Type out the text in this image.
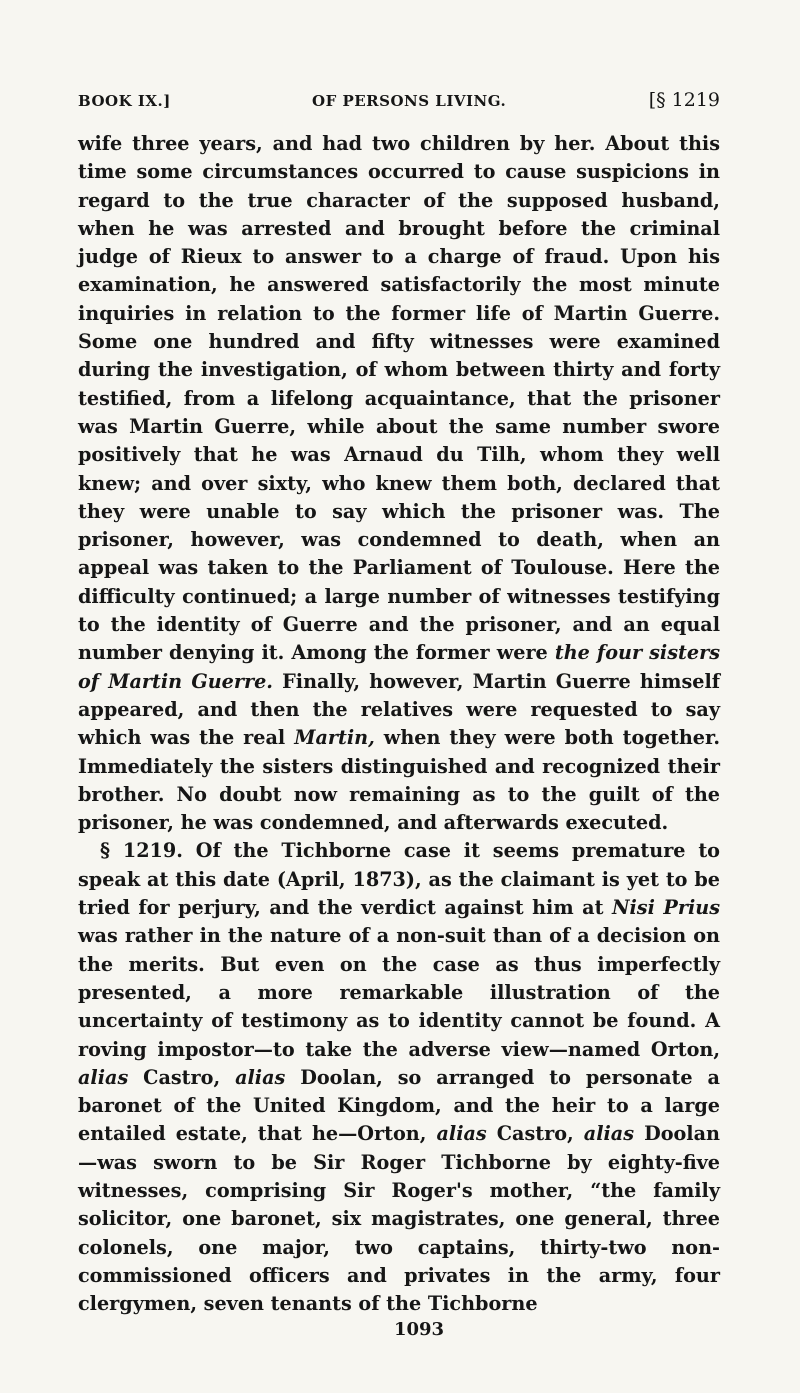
BOOK IX.]	OF PERSONS LIVING.	[§ 1219

wife three years, and had two children by her. About this time some circumstances occurred to cause suspicions in regard to the true character of the supposed husband, when he was arrested and brought before the criminal judge of Rieux to answer to a charge of fraud. Upon his examination, he answered satisfactorily the most minute inquiries in relation to the former life of Martin Guerre. Some one hundred and fifty witnesses were examined during the investigation, of whom between thirty and forty testified, from a lifelong acquaintance, that the prisoner was Martin Guerre, while about the same number swore positively that he was Arnaud du Tilh, whom they well knew; and over sixty, who knew them both, declared that they were unable to say which the prisoner was. The prisoner, however, was condemned to death, when an appeal was taken to the Parliament of Toulouse. Here the difficulty continued; a large number of witnesses testifying to the identity of Guerre and the prisoner, and an equal number denying it. Among the former were the four sisters of Martin Guerre. Finally, however, Martin Guerre himself appeared, and then the relatives were requested to say which was the real Martin, when they were both together. Immediately the sisters distinguished and recognized their brother. No doubt now remaining as to the guilt of the prisoner, he was condemned, and afterwards executed.

§ 1219. Of the Tichborne case it seems premature to speak at this date (April, 1873), as the claimant is yet to be tried for perjury, and the verdict against him at Nisi Prius was rather in the nature of a non-suit than of a decision on the merits. But even on the case as thus imperfectly presented, a more remarkable illustration of the uncertainty of testimony as to identity cannot be found. A roving impostor—to take the adverse view—named Orton, alias Castro, alias Doolan, so arranged to personate a baronet of the United Kingdom, and the heir to a large entailed estate, that he—Orton, alias Castro, alias Doolan —was sworn to be Sir Roger Tichborne by eighty-five witnesses, comprising Sir Roger's mother, “the family solicitor, one baronet, six magistrates, one general, three colonels, one major, two captains, thirty-two non-commissioned officers and privates in the army, four clergymen, seven tenants of the Tichborne

1093
